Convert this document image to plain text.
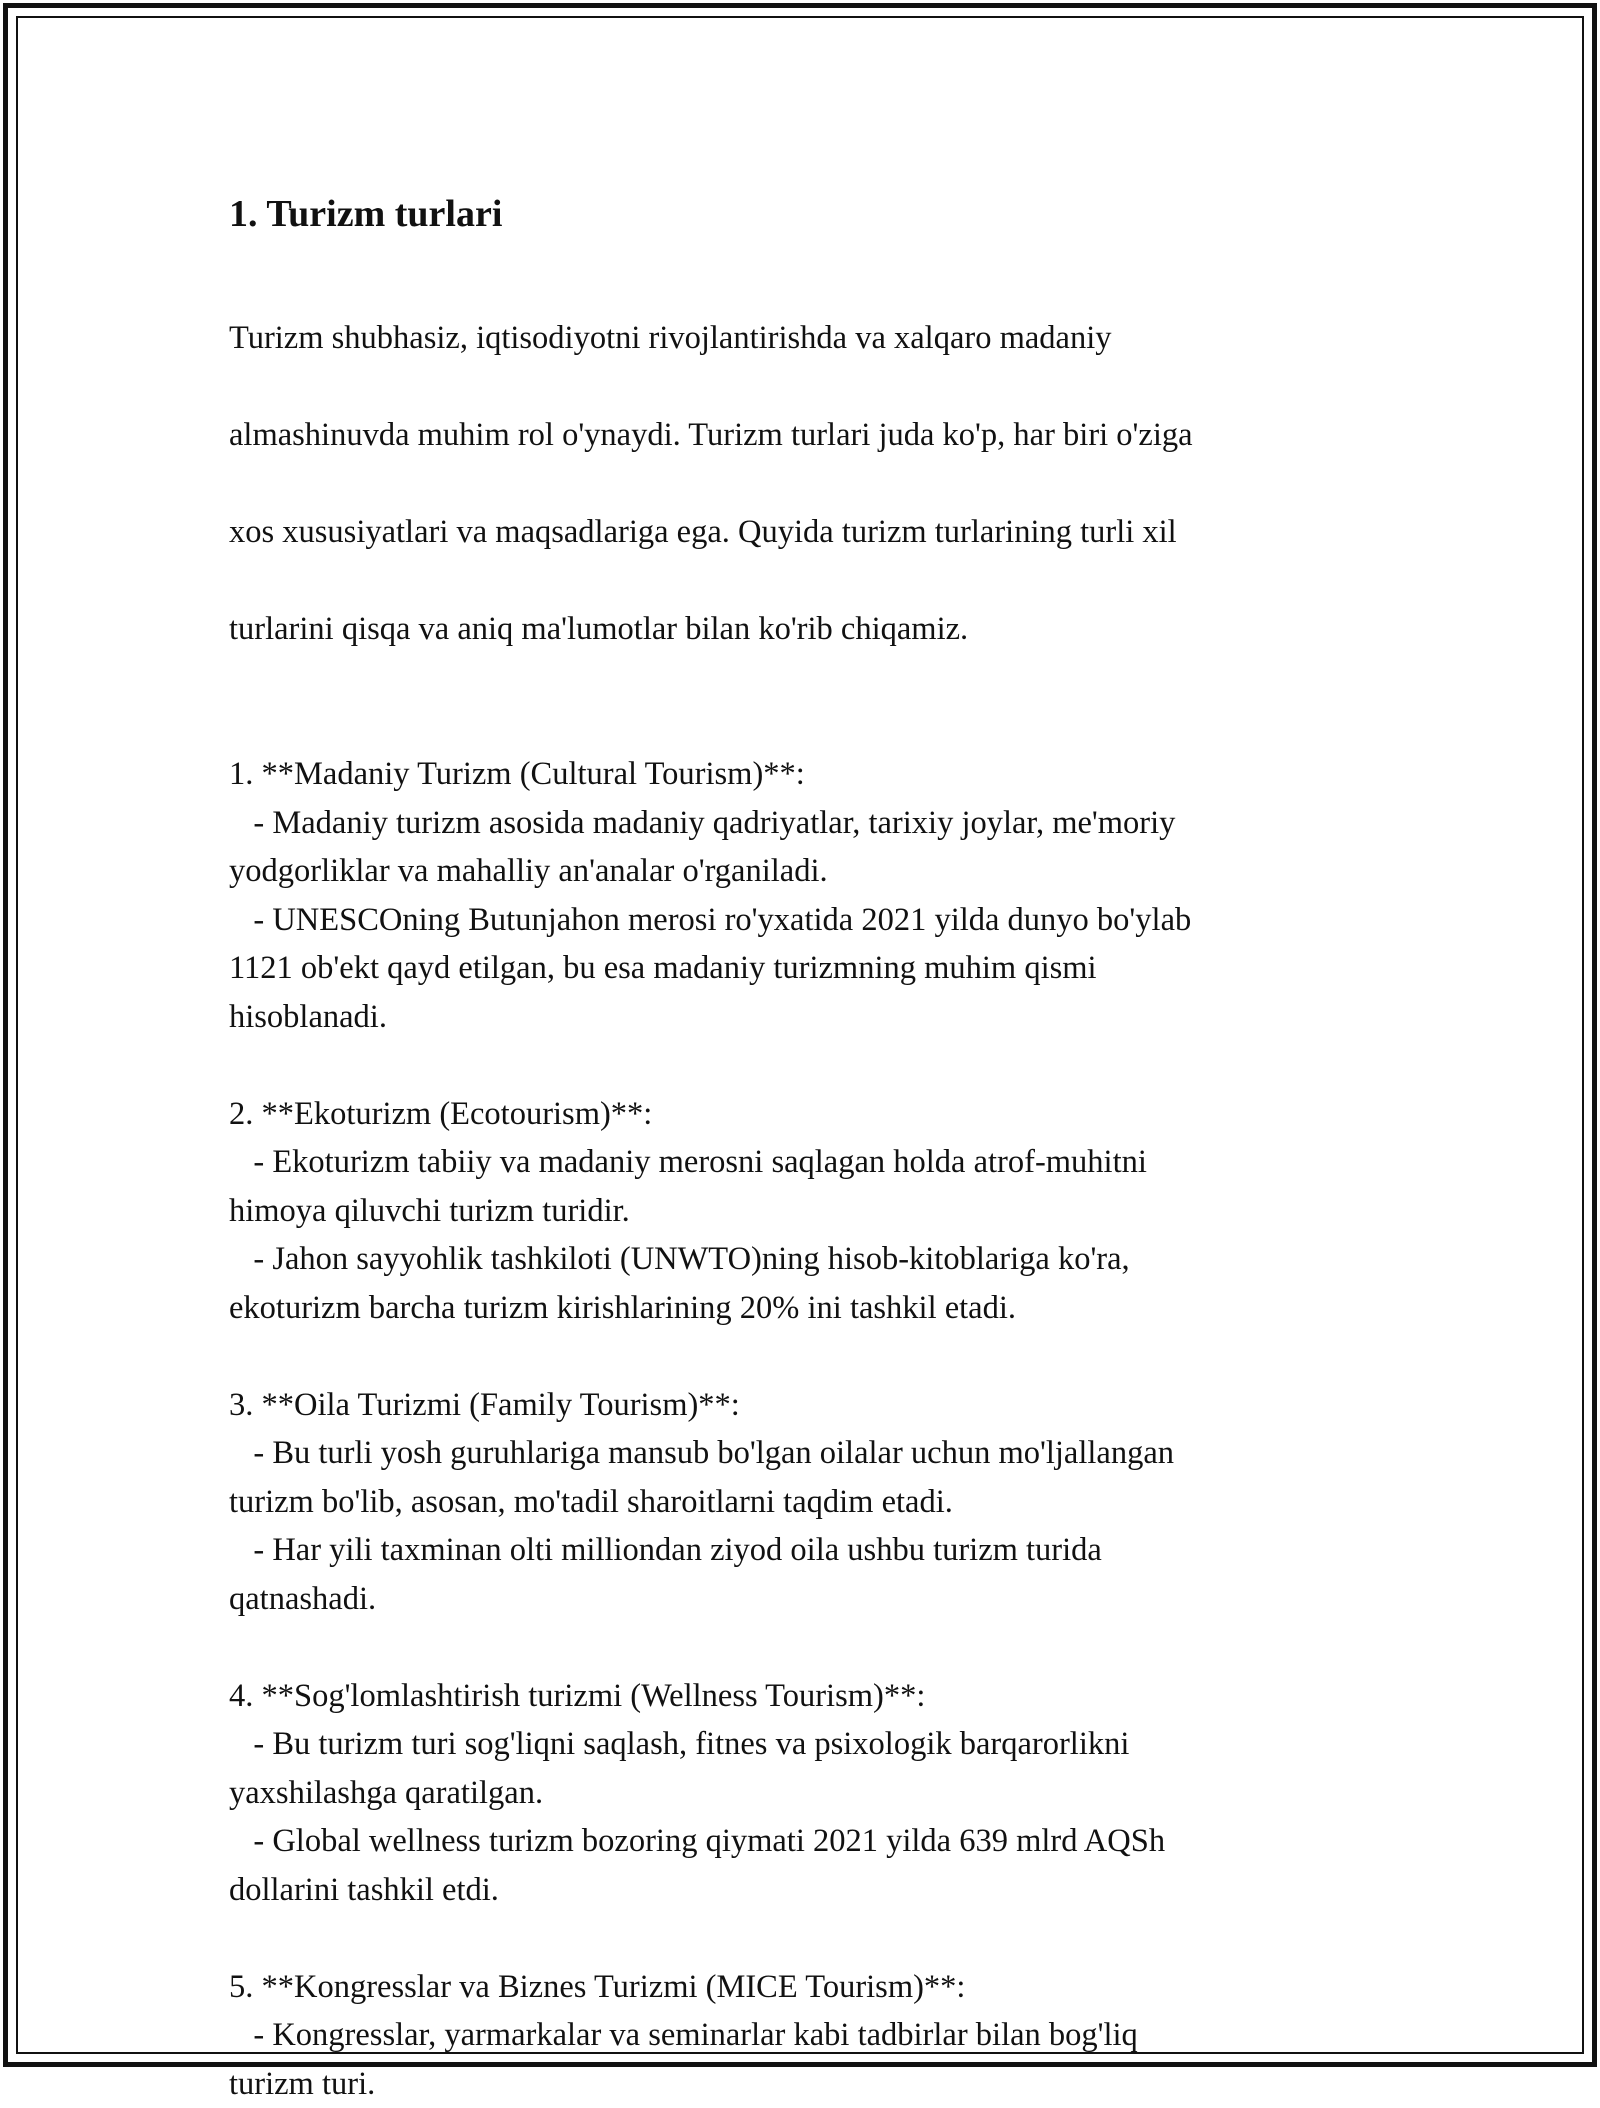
1. Turizm turlari

Turizm shubhasiz, iqtisodiyotni rivojlantirishda va xalqaro madaniy

almashinuvda muhim rol o'ynaydi. Turizm turlari juda ko'p, har biri o'ziga

xos xususiyatlari va maqsadlariga ega. Quyida turizm turlarining turli xil

turlarini qisqa va aniq ma'lumotlar bilan ko'rib chiqamiz.

1. **Madaniy Turizm (Cultural Tourism)**:
- Madaniy turizm asosida madaniy qadriyatlar, tarixiy joylar, me'moriy
yodgorliklar va mahalliy an'analar o'rganiladi.
- UNESCOning Butunjahon merosi ro'yxatida 2021 yilda dunyo bo'ylab
1121 ob'ekt qayd etilgan, bu esa madaniy turizmning muhim qismi
hisoblanadi.
2. **Ekoturizm (Ecotourism)**:
- Ekoturizm tabiiy va madaniy merosni saqlagan holda atrof-muhitni
himoya qiluvchi turizm turidir.
- Jahon sayyohlik tashkiloti (UNWTO)ning hisob-kitoblariga ko'ra,
ekoturizm barcha turizm kirishlarining 20% ini tashkil etadi.
3. **Oila Turizmi (Family Tourism)**:
- Bu turli yosh guruhlariga mansub bo'lgan oilalar uchun mo'ljallangan
turizm bo'lib, asosan, mo'tadil sharoitlarni taqdim etadi.
- Har yili taxminan olti milliondan ziyod oila ushbu turizm turida
qatnashadi.
4. **Sog'lomlashtirish turizmi (Wellness Tourism)**:
- Bu turizm turi sog'liqni saqlash, fitnes va psixologik barqarorlikni
yaxshilashga qaratilgan.
- Global wellness turizm bozoring qiymati 2021 yilda 639 mlrd AQSh
dollarini tashkil etdi.
5. **Kongresslar va Biznes Turizmi (MICE Tourism)**:
- Kongresslar, yarmarkalar va seminarlar kabi tadbirlar bilan bog'liq
turizm turi.
